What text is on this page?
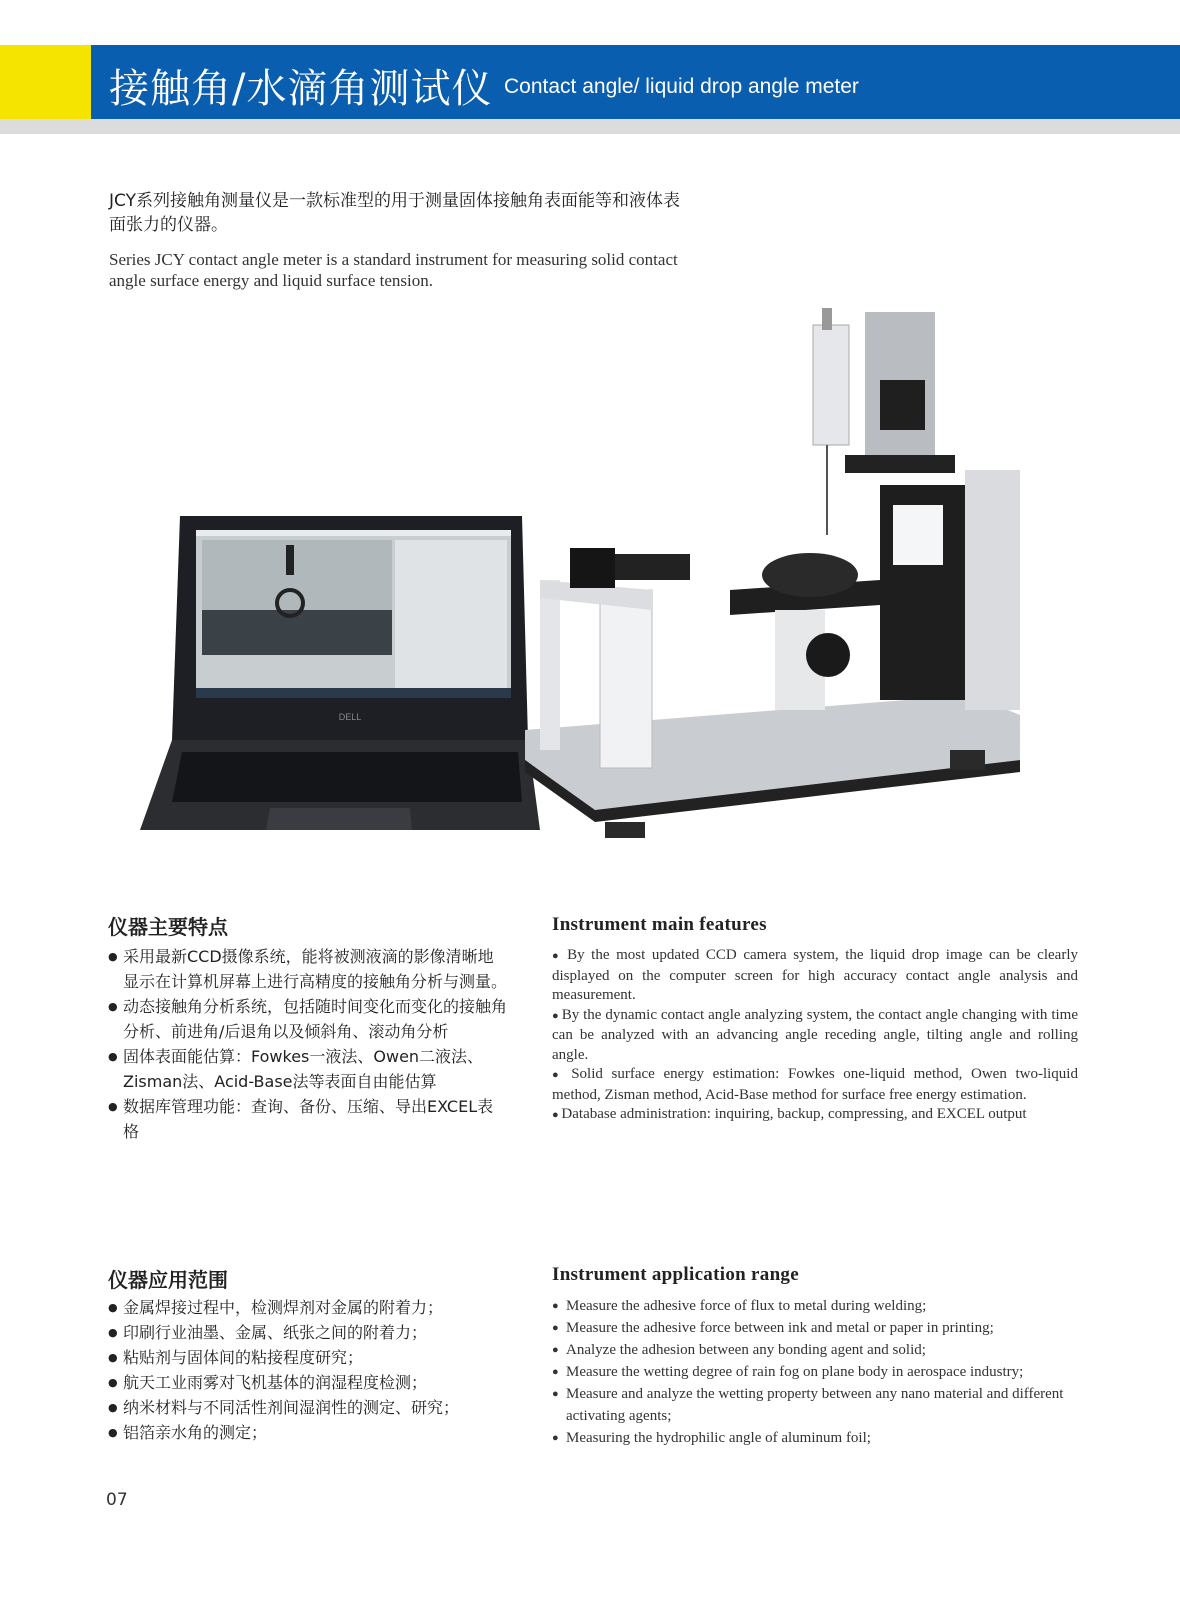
接触角/水滴角测试仪 Contact angle/ liquid drop angle meter
JCY系列接触角测量仪是一款标准型的用于测量固体接触角表面能等和液体表面张力的仪器。
Series JCY contact angle meter is a standard instrument for measuring solid contact angle surface energy and liquid surface tension.
DELL
仪器主要特点	Instrument main features
● 采用最新CCD摄像系统，能将被测液滴的影像清晰地显示在计算机屏幕上进行高精度的接触角分析与测量。
● 动态接触角分析系统，包括随时间变化而变化的接触角分析、前进角/后退角以及倾斜角、滚动角分析
● 固体表面能估算：Fowkes一液法、Owen二液法、Zisman法、Acid-Base法等表面自由能估算
● 数据库管理功能：查询、备份、压缩、导出EXCEL表格
● By the most updated CCD camera system, the liquid drop image can be clearly displayed on the computer screen for high accuracy contact angle analysis and measurement.
● By the dynamic contact angle analyzing system, the contact angle changing with time can be analyzed with an advancing angle receding angle, tilting angle and rolling angle.
● Solid surface energy estimation: Fowkes one-liquid method, Owen two-liquid method, Zisman method, Acid-Base method for surface free energy estimation.
● Database administration: inquiring, backup, compressing, and EXCEL output
仪器应用范围	Instrument application range
● 金属焊接过程中，检测焊剂对金属的附着力；
● 印刷行业油墨、金属、纸张之间的附着力；
● 粘贴剂与固体间的粘接程度研究；
● 航天工业雨雾对飞机基体的润湿程度检测；
● 纳米材料与不同活性剂间湿润性的测定、研究；
● 铝箔亲水角的测定；
● Measure the adhesive force of flux to metal during welding;
● Measure the adhesive force between ink and metal or paper in printing;
● Analyze the adhesion between any bonding agent and solid;
● Measure the wetting degree of rain fog on plane body in aerospace industry;
● Measure and analyze the wetting property between any nano material and different activating agents;
● Measuring the hydrophilic angle of aluminum foil;
07
